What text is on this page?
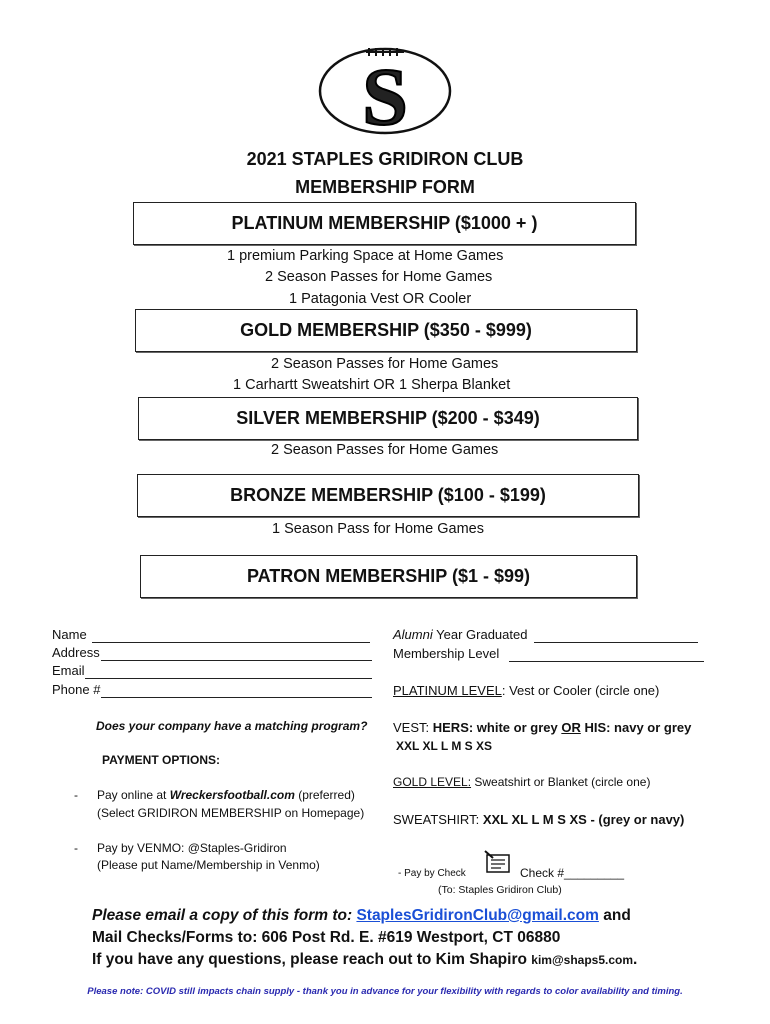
S
2021 STAPLES GRIDIRON CLUB
MEMBERSHIP FORM
PLATINUM MEMBERSHIP ($1000 + )
1 premium Parking Space at Home Games
2 Season Passes for Home Games
1 Patagonia Vest OR Cooler
GOLD MEMBERSHIP ($350 - $999)
2 Season Passes for Home Games
1 Carhartt Sweatshirt OR 1 Sherpa Blanket
SILVER MEMBERSHIP ($200 - $349)
2 Season Passes for Home Games
BRONZE MEMBERSHIP ($100 - $199)
1 Season Pass for Home Games
PATRON MEMBERSHIP ($1 - $99)
Name
Address
Email
Phone #
Alumni Year Graduated
Membership Level
PLATINUM LEVEL: Vest or Cooler (circle one)
Does your company have a matching program? VEST: HERS: white or grey OR HIS: navy or grey
XXL XL L M S XS
PAYMENT OPTIONS:
GOLD LEVEL: Sweatshirt or Blanket (circle one)
- Pay online at Wreckersfootball.com (preferred)
(Select GRIDIRON MEMBERSHIP on Homepage) SWEATSHIRT: XXL XL L M S XS - (grey or navy)
- Pay by VENMO: @Staples-Gridiron
(Please put Name/Membership in Venmo)
- Pay by Check	Check #_________
(To: Staples Gridiron Club)
Please email a copy of this form to: StaplesGridironClub@gmail.com and
Mail Checks/Forms to: 606 Post Rd. E. #619 Westport, CT 06880
If you have any questions, please reach out to Kim Shapiro kim@shaps5.com.
Please note: COVID still impacts chain supply - thank you in advance for your flexibility with regards to color availability and timing.
